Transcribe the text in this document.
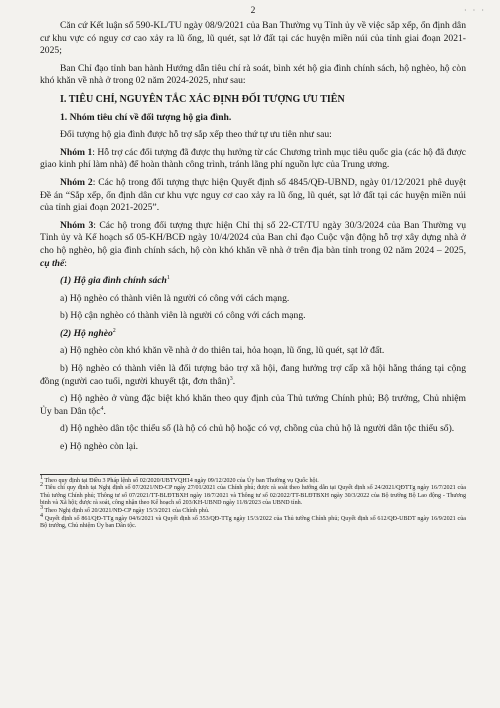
· · ·
2

Căn cứ Kết luận số 590-KL/TU ngày 08/9/2021 của Ban Thường vụ Tỉnh ủy về việc sắp xếp, ổn định dân cư khu vực có nguy cơ cao xảy ra lũ ống, lũ quét, sạt lở đất tại các huyện miền núi của tỉnh giai đoạn 2021-2025;

Ban Chỉ đạo tỉnh ban hành Hướng dẫn tiêu chí rà soát, bình xét hộ gia đình chính sách, hộ nghèo, hộ còn khó khăn về nhà ở trong 02 năm 2024-2025, như sau:

I. TIÊU CHÍ, NGUYÊN TẮC XÁC ĐỊNH ĐỐI TƯỢNG ƯU TIÊN

1. Nhóm tiêu chí về đối tượng hộ gia đình.

Đối tượng hộ gia đình được hỗ trợ sắp xếp theo thứ tự ưu tiên như sau:

Nhóm 1: Hỗ trợ các đối tượng đã được thụ hưởng từ các Chương trình mục tiêu quốc gia (các hộ đã được giao kinh phí làm nhà) để hoàn thành công trình, tránh lãng phí nguồn lực của Trung ương.

Nhóm 2: Các hộ trong đối tượng thực hiện Quyết định số 4845/QĐ-UBND, ngày 01/12/2021 phê duyệt Đề án “Sắp xếp, ổn định dân cư khu vực nguy cơ cao xảy ra lũ ống, lũ quét, sạt lở đất tại các huyện miền núi của tỉnh giai đoạn 2021-2025”.

Nhóm 3: Các hộ trong đối tượng thực hiện Chỉ thị số 22-CT/TU ngày 30/3/2024 của Ban Thường vụ Tỉnh ủy và Kế hoạch số 05-KH/BCĐ ngày 10/4/2024 của Ban chỉ đạo Cuộc vận động hỗ trợ xây dựng nhà ở cho hộ nghèo, hộ gia đình chính sách, hộ còn khó khăn về nhà ở trên địa bàn tỉnh trong 02 năm 2024 – 2025, cụ thể:

(1) Hộ gia đình chính sách$^1$

a) Hộ nghèo có thành viên là người có công với cách mạng.

b) Hộ cận nghèo có thành viên là người có công với cách mạng.

(2) Hộ nghèo$^2$

a) Hộ nghèo còn khó khăn về nhà ở do thiên tai, hỏa hoạn, lũ ống, lũ quét, sạt lở đất.

b) Hộ nghèo có thành viên là đối tượng bảo trợ xã hội, đang hưởng trợ cấp xã hội hằng tháng tại cộng đồng (người cao tuổi, người khuyết tật, đơn thân)$^3$.

c) Hộ nghèo ở vùng đặc biệt khó khăn theo quy định của Thủ tướng Chính phủ; Bộ trưởng, Chủ nhiệm Ủy ban Dân tộc$^4$.

d) Hộ nghèo dân tộc thiểu số (là hộ có chủ hộ hoặc có vợ, chồng của chủ hộ là người dân tộc thiểu số).

e) Hộ nghèo còn lại.

$^1$ Theo quy định tại Điều 3 Pháp lệnh số 02/2020/UBTVQH14 ngày 09/12/2020 của Ủy ban Thường vụ Quốc hội.

$^2$ Tiêu chí quy định tại Nghị định số 07/2021/NĐ-CP ngày 27/01/2021 của Chính phủ; được rà soát theo hướng dẫn tại Quyết định số 24/2021/QĐTTg ngày 16/7/2021 của Thủ tướng Chính phủ; Thông tư số 07/2021/TT-BLĐTBXH ngày 18/7/2021 và Thông tư số 02/2022/TT-BLĐTBXH ngày 30/3/2022 của Bộ trưởng Bộ Lao động - Thương binh và Xã hội; được rà soát, công nhận theo Kế hoạch số 203/KH-UBND ngày 11/8/2023 của UBND tỉnh.

$^3$ Theo Nghị định số 20/2021/NĐ-CP ngày 15/3/2021 của Chính phủ.

$^4$ Quyết định số 861/QĐ-TTg ngày 04/6/2021 và Quyết định số 353/QĐ-TTg ngày 15/3/2022 của Thủ tướng Chính phủ; Quyết định số 612/QĐ-UBDT ngày 16/9/2021 của Bộ trưởng, Chủ nhiệm Ủy ban Dân tộc.
